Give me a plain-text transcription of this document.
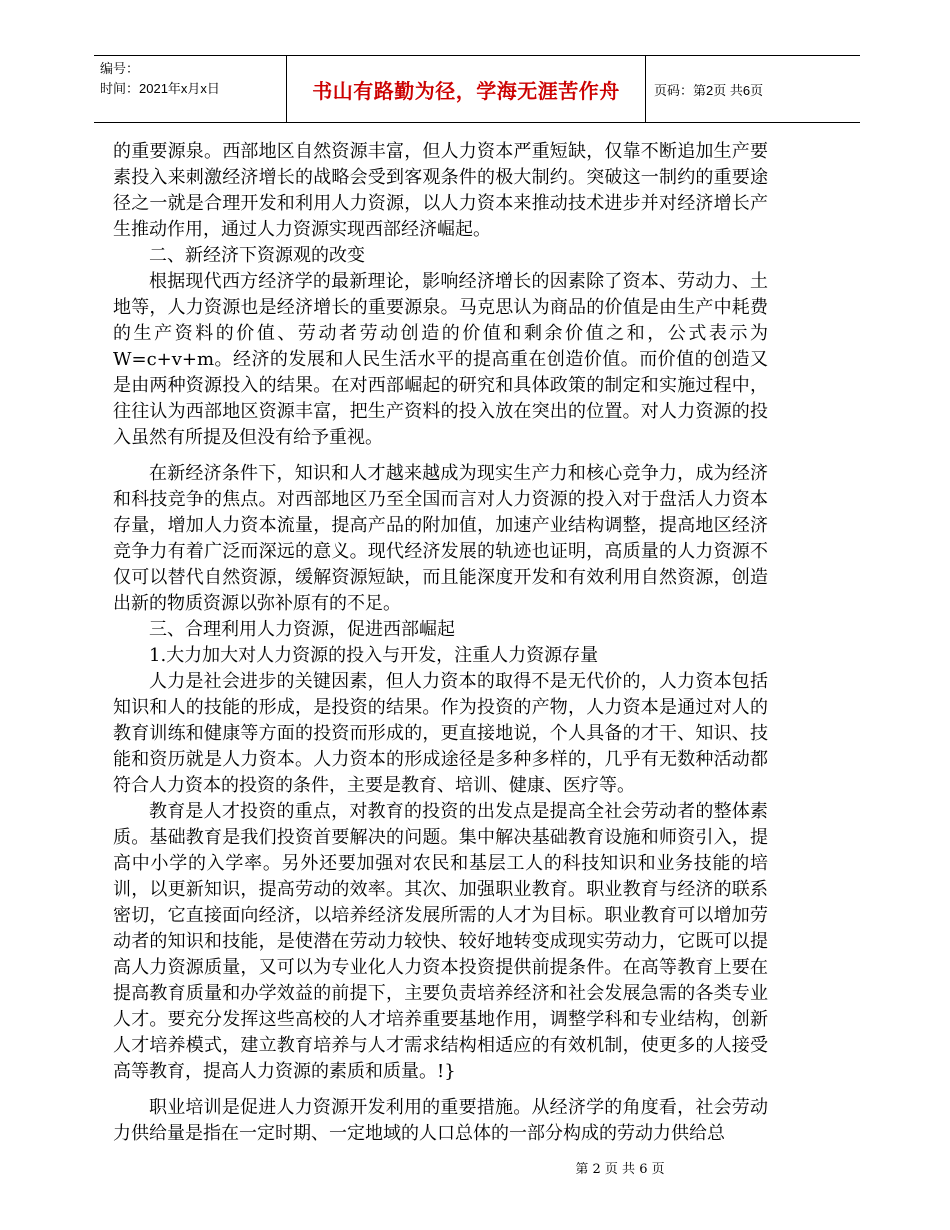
编号：
时间：2021年x月x日	书山有路勤为径，学海无涯苦作舟	页码：第2页 共6页

的重要源泉。西部地区自然资源丰富，但人力资本严重短缺，仅靠不断追加生产要素投入来刺激经济增长的战略会受到客观条件的极大制约。突破这一制约的重要途径之一就是合理开发和利用人力资源，以人力资本来推动技术进步并对经济增长产生推动作用，通过人力资源实现西部经济崛起。

二、新经济下资源观的改变

根据现代西方经济学的最新理论，影响经济增长的因素除了资本、劳动力、土地等，人力资源也是经济增长的重要源泉。马克思认为商品的价值是由生产中耗费的生产资料的价值、劳动者劳动创造的价值和剩余价值之和，公式表示为W=c+v+m。经济的发展和人民生活水平的提高重在创造价值。而价值的创造又是由两种资源投入的结果。在对西部崛起的研究和具体政策的制定和实施过程中，往往认为西部地区资源丰富，把生产资料的投入放在突出的位置。对人力资源的投入虽然有所提及但没有给予重视。

在新经济条件下，知识和人才越来越成为现实生产力和核心竞争力，成为经济和科技竞争的焦点。对西部地区乃至全国而言对人力资源的投入对于盘活人力资本存量，增加人力资本流量，提高产品的附加值，加速产业结构调整，提高地区经济竞争力有着广泛而深远的意义。现代经济发展的轨迹也证明，高质量的人力资源不仅可以替代自然资源，缓解资源短缺，而且能深度开发和有效利用自然资源，创造出新的物质资源以弥补原有的不足。

三、合理利用人力资源，促进西部崛起

1.大力加大对人力资源的投入与开发，注重人力资源存量

人力是社会进步的关键因素，但人力资本的取得不是无代价的，人力资本包括知识和人的技能的形成，是投资的结果。作为投资的产物，人力资本是通过对人的教育训练和健康等方面的投资而形成的，更直接地说，个人具备的才干、知识、技能和资历就是人力资本。人力资本的形成途径是多种多样的，几乎有无数种活动都符合人力资本的投资的条件，主要是教育、培训、健康、医疗等。

教育是人才投资的重点，对教育的投资的出发点是提高全社会劳动者的整体素质。基础教育是我们投资首要解决的问题。集中解决基础教育设施和师资引入，提高中小学的入学率。另外还要加强对农民和基层工人的科技知识和业务技能的培训，以更新知识，提高劳动的效率。其次、加强职业教育。职业教育与经济的联系密切，它直接面向经济，以培养经济发展所需的人才为目标。职业教育可以增加劳动者的知识和技能，是使潜在劳动力较快、较好地转变成现实劳动力，它既可以提高人力资源质量，又可以为专业化人力资本投资提供前提条件。在高等教育上要在提高教育质量和办学效益的前提下，主要负责培养经济和社会发展急需的各类专业人才。要充分发挥这些高校的人才培养重要基地作用，调整学科和专业结构，创新人才培养模式，建立教育培养与人才需求结构相适应的有效机制，使更多的人接受高等教育，提高人力资源的素质和质量。!}

职业培训是促进人力资源开发利用的重要措施。从经济学的角度看，社会劳动力供给量是指在一定时期、一定地域的人口总体的一部分构成的劳动力供给总

第 2 页 共 6 页
